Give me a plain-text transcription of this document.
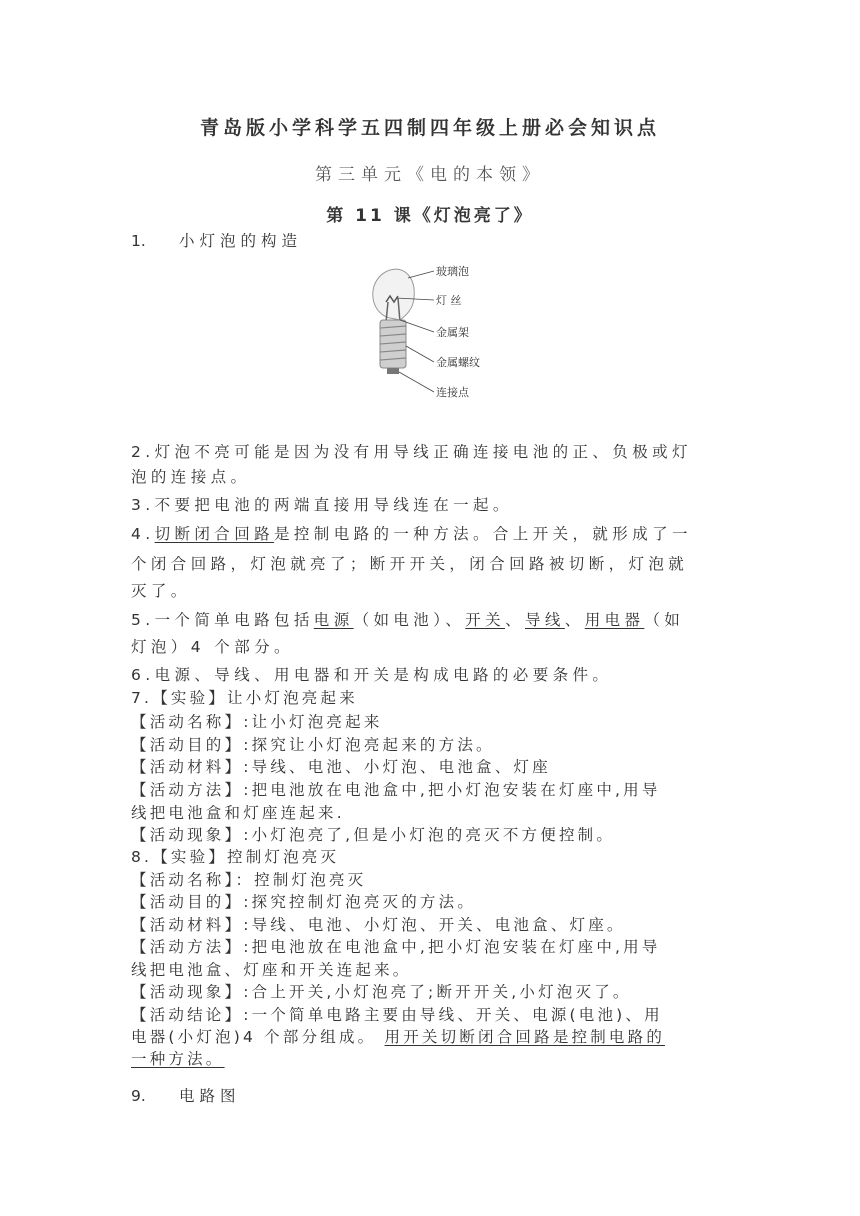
青岛版小学科学五四制四年级上册必会知识点
第三单元《电的本领》
第 11 课《灯泡亮了》
1. 小灯泡的构造
玻璃泡
灯 丝
金属架
金属螺纹
连接点
2.灯泡不亮可能是因为没有用导线正确连接电池的正、负极或灯
泡的连接点。
3.不要把电池的两端直接用导线连在一起。
4.切断闭合回路是控制电路的一种方法。合上开关，就形成了一
个闭合回路，灯泡就亮了；断开开关，闭合回路被切断，灯泡就
灭了。
5.一个简单电路包括电源（如电池）、开关、导线、用电器（如
灯泡）4 个部分。
6.电源、导线、用电器和开关是构成电路的必要条件。
7.【实验】让小灯泡亮起来
【活动名称】:让小灯泡亮起来
【活动目的】:探究让小灯泡亮起来的方法。
【活动材料】:导线、电池、小灯泡、电池盒、灯座
【活动方法】:把电池放在电池盒中,把小灯泡安装在灯座中,用导
线把电池盒和灯座连起来.
【活动现象】:小灯泡亮了,但是小灯泡的亮灭不方便控制。
8.【实验】控制灯泡亮灭
【活动名称】：控制灯泡亮灭
【活动目的】:探究控制灯泡亮灭的方法。
【活动材料】:导线、电池、小灯泡、开关、电池盒、灯座。
【活动方法】:把电池放在电池盒中,把小灯泡安装在灯座中,用导
线把电池盒、灯座和开关连起来。
【活动现象】:合上开关,小灯泡亮了;断开开关,小灯泡灭了。
【活动结论】:一个简单电路主要由导线、开关、电源(电池)、用
电器(小灯泡)4 个部分组成。 用开关切断闭合回路是控制电路的
一种方法。
9. 电路图
